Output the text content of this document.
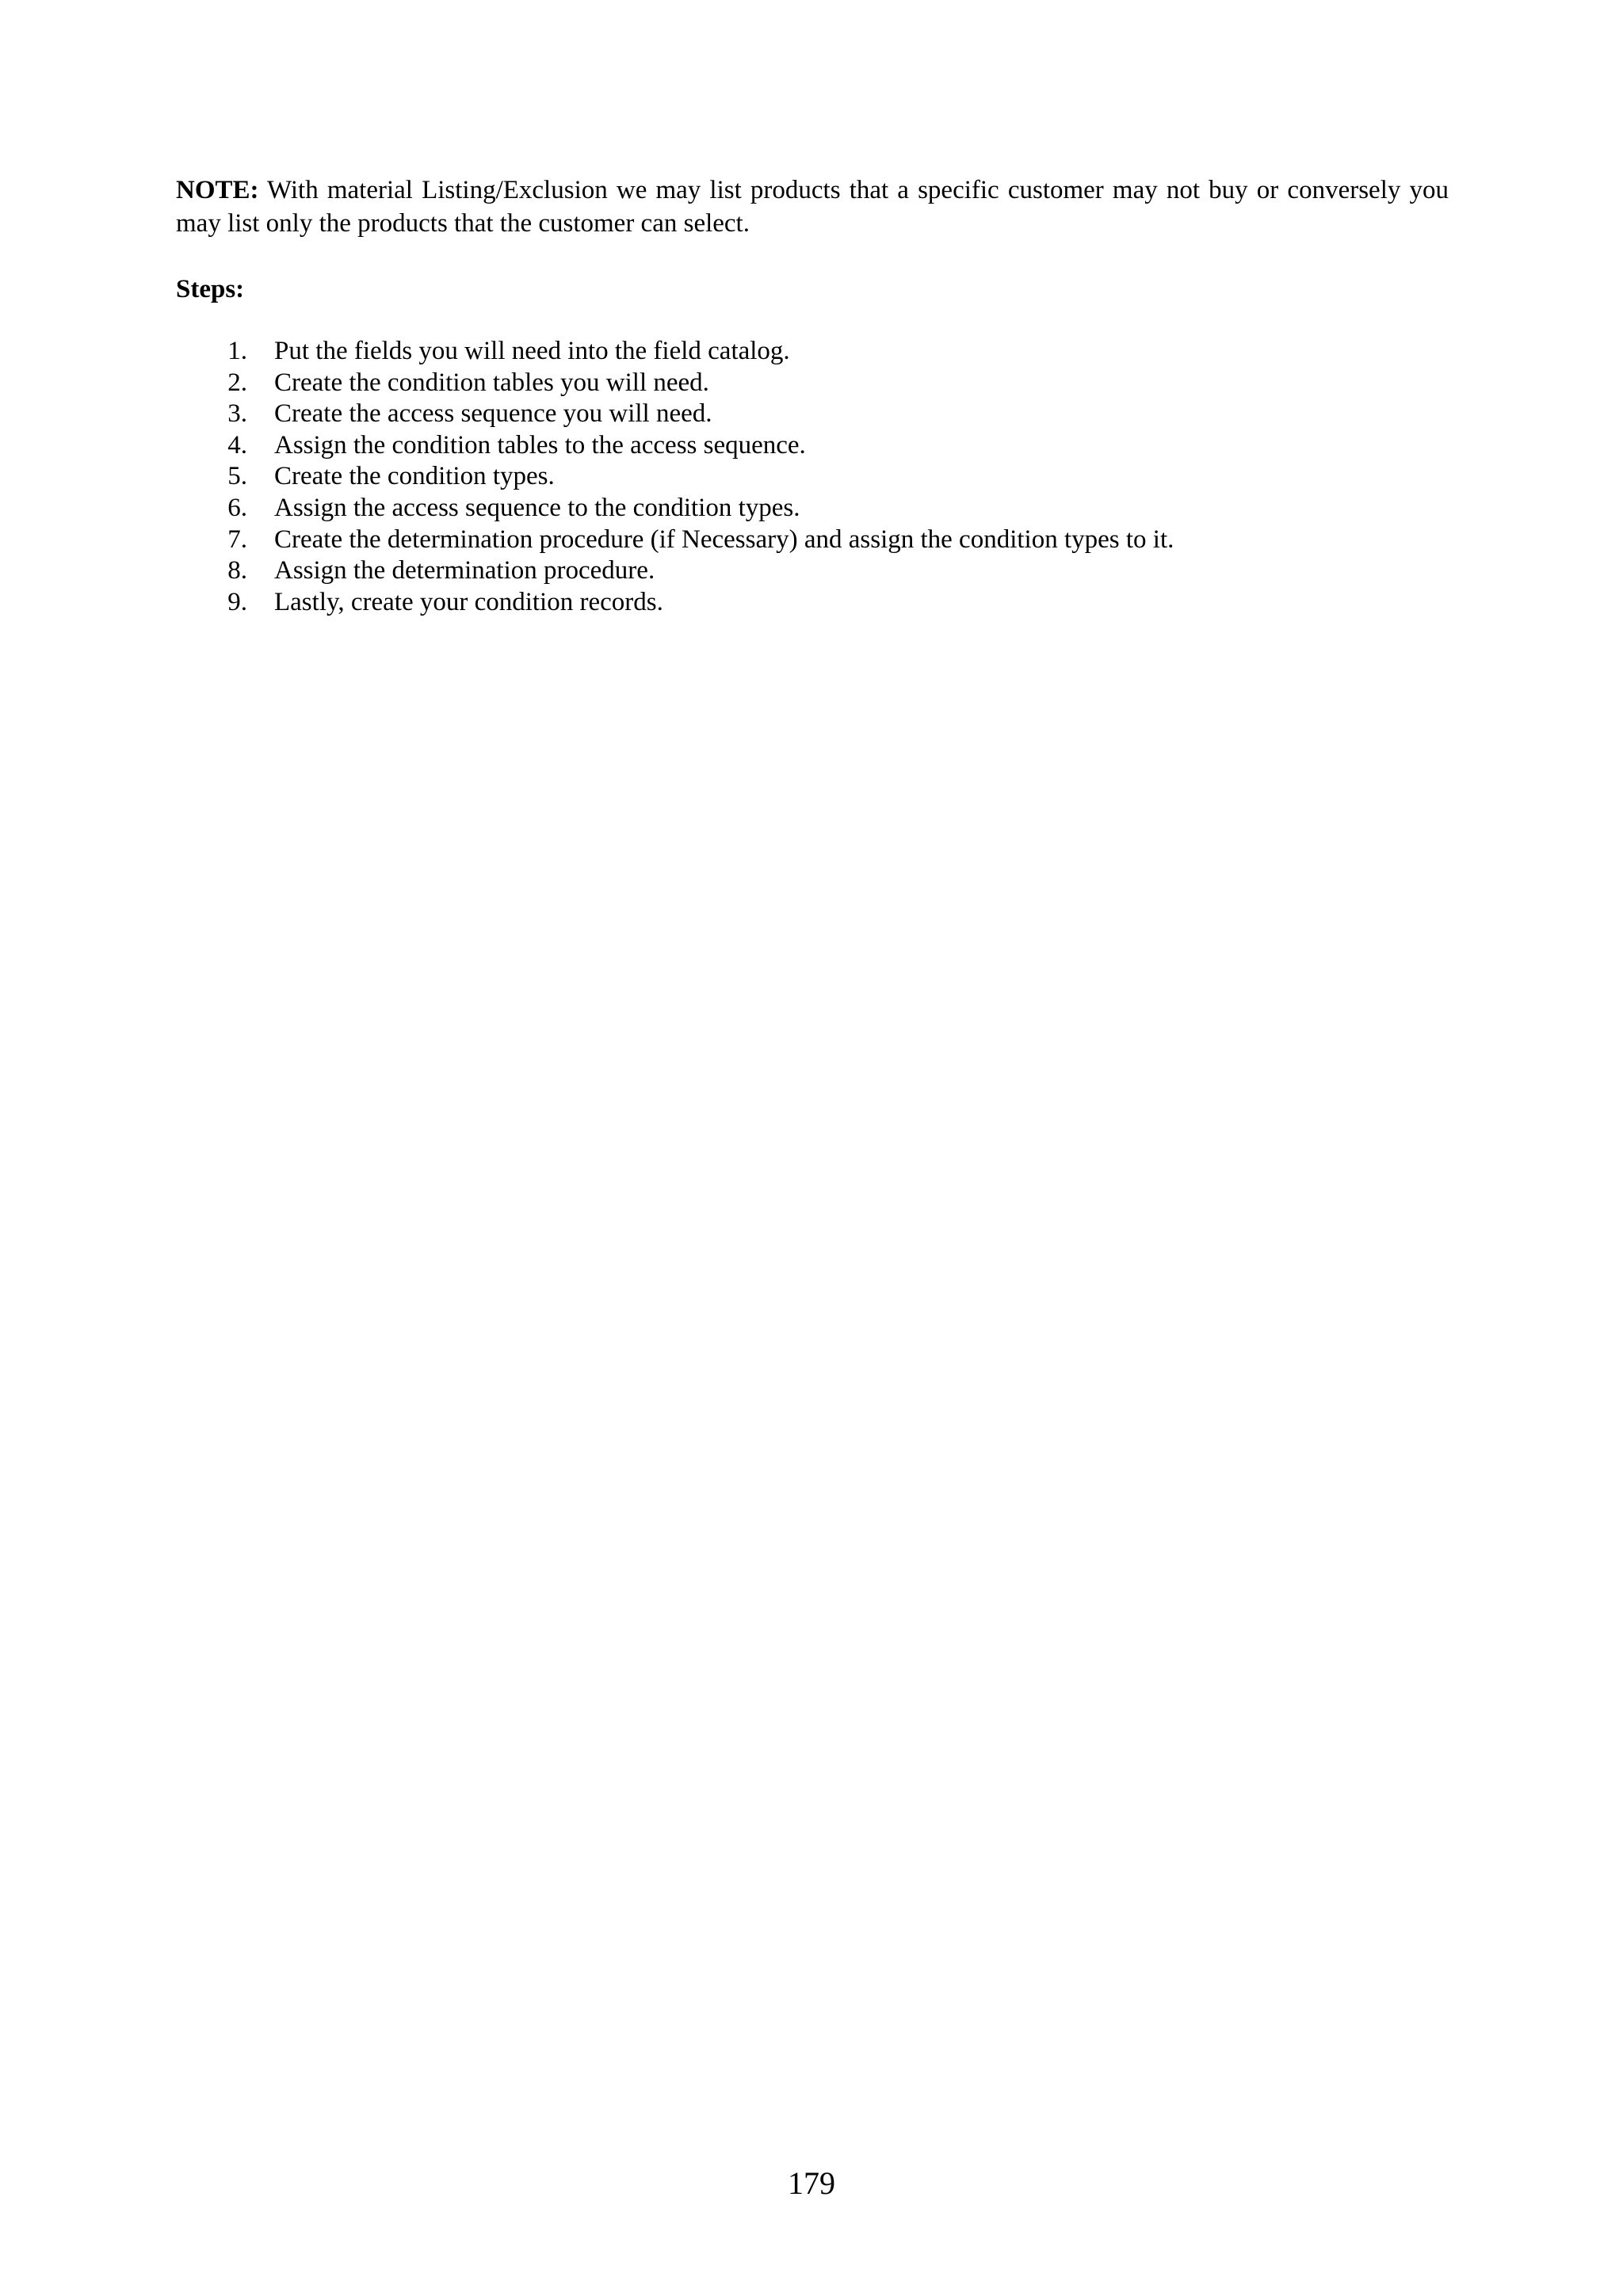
NOTE: With material Listing/Exclusion we may list products that a specific customer may not buy or conversely you may list only the products that the customer can select.

Steps:

1. Put the fields you will need into the field catalog.
2. Create the condition tables you will need.
3. Create the access sequence you will need.
4. Assign the condition tables to the access sequence.
5. Create the condition types.
6. Assign the access sequence to the condition types.
7. Create the determination procedure (if Necessary) and assign the condition types to it.
8. Assign the determination procedure.
9. Lastly, create your condition records.
179
